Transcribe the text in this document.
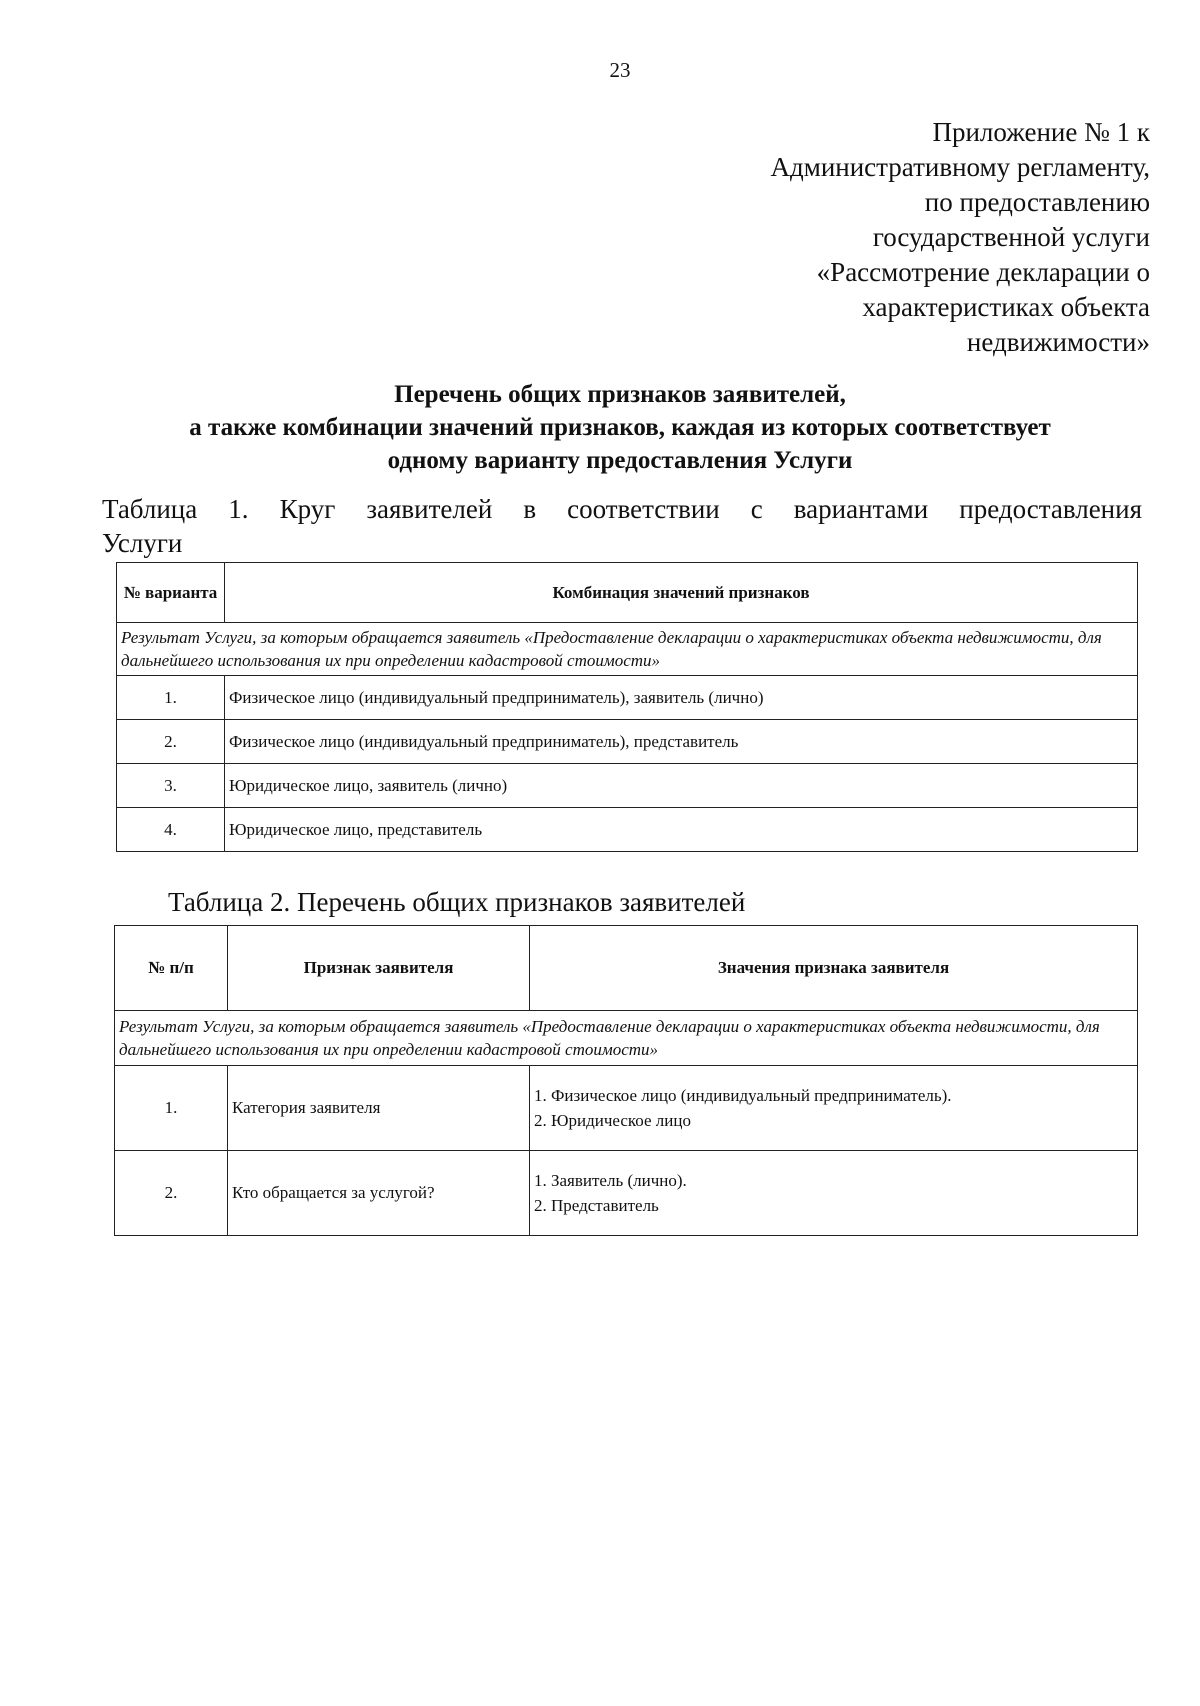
23
Приложение № 1 к
Административному регламенту,
по предоставлению
государственной услуги
«Рассмотрение декларации о
характеристиках объекта
недвижимости»
Перечень общих признаков заявителей,
а также комбинации значений признаков, каждая из которых соответствует
одному варианту предоставления Услуги
Таблица 1. Круг заявителей в соответствии с вариантами предоставления
Услуги
№ варианта	Комбинация значений признаков
Результат Услуги, за которым обращается заявитель «Предоставление декларации о характеристиках объекта недвижимости, для дальнейшего использования их при определении кадастровой стоимости»	
1.	Физическое лицо (индивидуальный предприниматель), заявитель (лично)
2.	Физическое лицо (индивидуальный предприниматель), представитель
3.	Юридическое лицо, заявитель (лично)
4.	Юридическое лицо, представитель
Таблица 2. Перечень общих признаков заявителей
№ п/п	Признак заявителя	Значения признака заявителя
Результат Услуги, за которым обращается заявитель «Предоставление декларации о характеристиках объекта недвижимости, для дальнейшего использования их при определении кадастровой стоимости»		
1.	Категория заявителя	1. Физическое лицо (индивидуальный предприниматель).
2. Юридическое лицо

2.	Кто обращается за услугой?	1. Заявитель (лично).
2. Представитель
